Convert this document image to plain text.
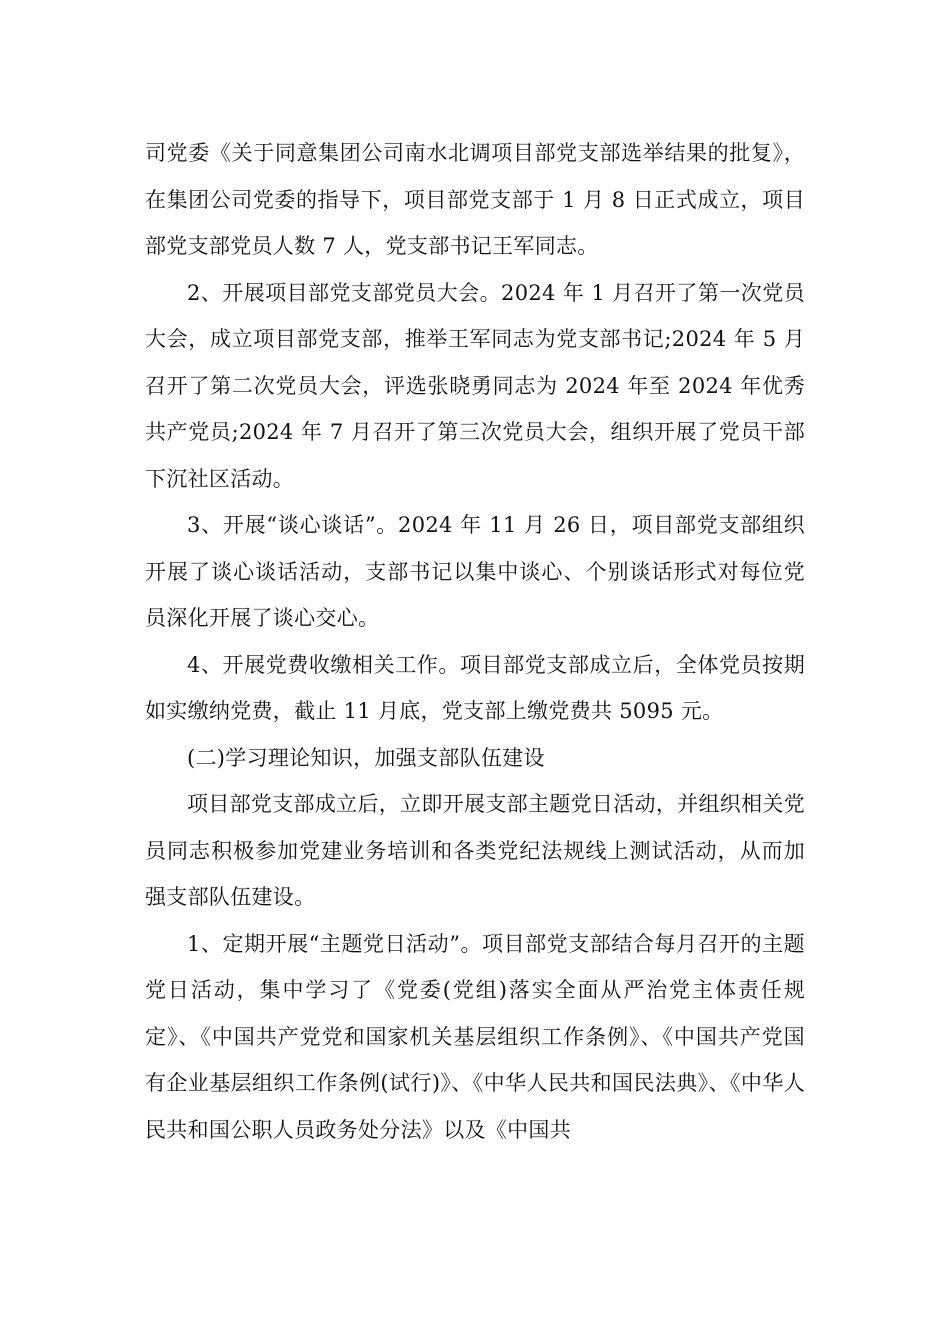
司党委《关于同意集团公司南水北调项目部党支部选举结果的批复》，在集团公司党委的指导下，项目部党支部于 1 月 8 日正式成立，项目部党支部党员人数 7 人，党支部书记王军同志。

2、开展项目部党支部党员大会。2024 年 1 月召开了第一次党员大会，成立项目部党支部，推举王军同志为党支部书记;2024 年 5 月召开了第二次党员大会，评选张晓勇同志为 2024 年至 2024 年优秀共产党员;2024 年 7 月召开了第三次党员大会，组织开展了党员干部下沉社区活动。

3、开展“谈心谈话”。2024 年 11 月 26 日，项目部党支部组织开展了谈心谈话活动，支部书记以集中谈心、个别谈话形式对每位党员深化开展了谈心交心。

4、开展党费收缴相关工作。项目部党支部成立后，全体党员按期如实缴纳党费，截止 11 月底，党支部上缴党费共 5095 元。

(二)学习理论知识，加强支部队伍建设

项目部党支部成立后，立即开展支部主题党日活动，并组织相关党员同志积极参加党建业务培训和各类党纪法规线上测试活动，从而加强支部队伍建设。

1、定期开展“主题党日活动”。项目部党支部结合每月召开的主题党日活动，集中学习了《党委(党组)落实全面从严治党主体责任规定》、《中国共产党党和国家机关基层组织工作条例》、《中国共产党国有企业基层组织工作条例(试行)》、《中华人民共和国民法典》、《中华人民共和国公职人员政务处分法》以及《中国共
